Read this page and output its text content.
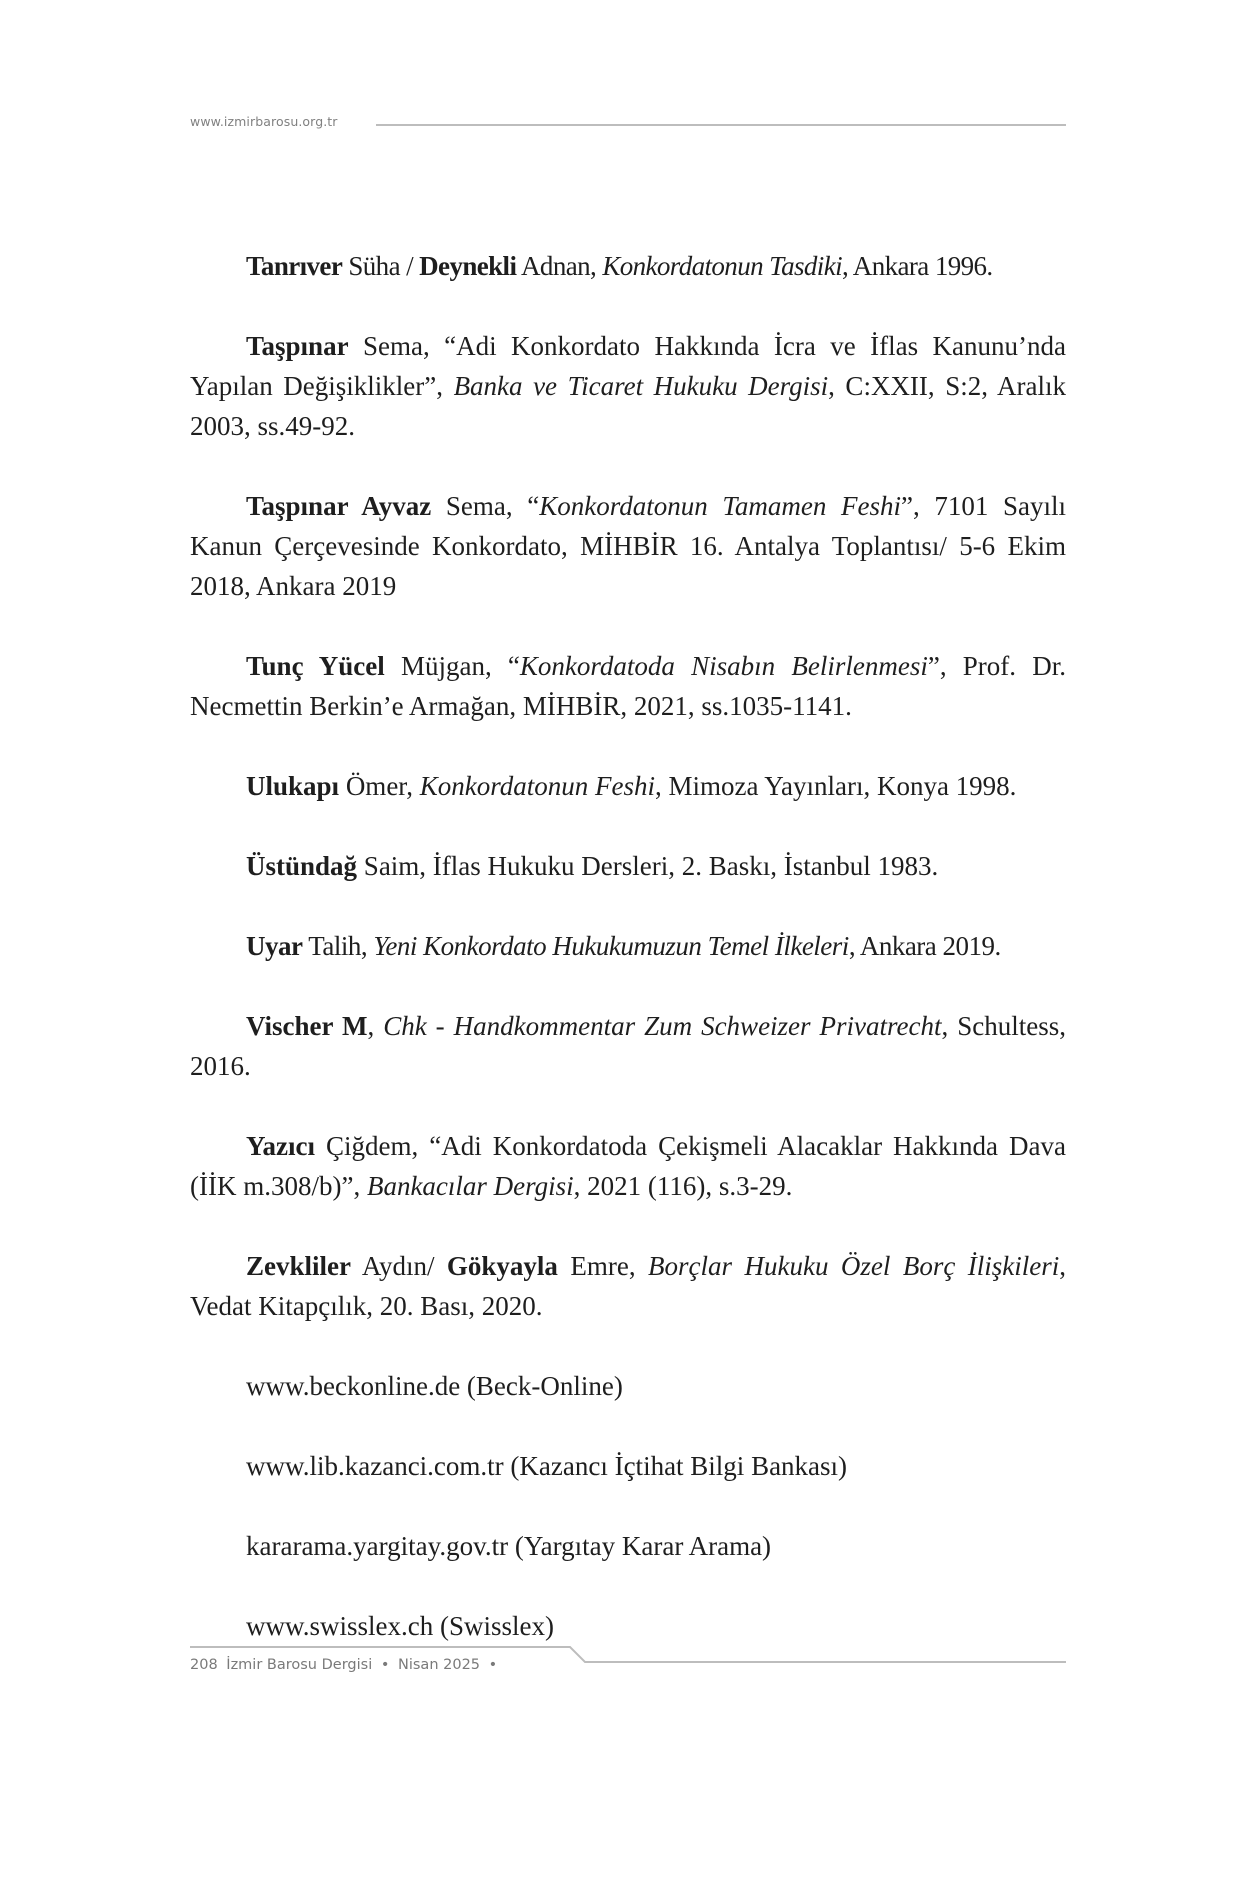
www.izmirbarosu.org.tr

Tanrıver Süha / Deynekli Adnan, Konkordatonun Tasdiki, Ankara 1996.

Taşpınar Sema, “Adi Konkordato Hakkında İcra ve İflas Kanunu’nda Yapılan Değişiklikler”, Banka ve Ticaret Hukuku Dergisi, C:XXII, S:2, Aralık 2003, ss.49-92.

Taşpınar Ayvaz Sema, “Konkordatonun Tamamen Feshi”, 7101 Sayılı Kanun Çerçevesinde Konkordato, MİHBİR 16. Antalya Toplantısı/ 5-6 Ekim 2018, Ankara 2019

Tunç Yücel Müjgan, “Konkordatoda Nisabın Belirlenmesi”, Prof. Dr. Necmettin Berkin’e Armağan, MİHBİR, 2021, ss.1035-1141.

Ulukapı Ömer, Konkordatonun Feshi, Mimoza Yayınları, Konya 1998.

Üstündağ Saim, İflas Hukuku Dersleri, 2. Baskı, İstanbul 1983.

Uyar Talih, Yeni Konkordato Hukukumuzun Temel İlkeleri, Ankara 2019.

Vischer M, Chk - Handkommentar Zum Schweizer Privatrecht, Schultess, 2016.

Yazıcı Çiğdem, “Adi Konkordatoda Çekişmeli Alacaklar Hakkında Dava (İİK m.308/b)”, Bankacılar Dergisi, 2021 (116), s.3-29.

Zevkliler Aydın/ Gökyayla Emre, Borçlar Hukuku Özel Borç İlişkileri, Vedat Kitapçılık, 20. Bası, 2020.

www.beckonline.de (Beck-Online)

www.lib.kazanci.com.tr (Kazancı İçtihat Bilgi Bankası)

kararama.yargitay.gov.tr (Yargıtay Karar Arama)

www.swisslex.ch (Swisslex)

208 İzmir Barosu Dergisi • Nisan 2025 •
